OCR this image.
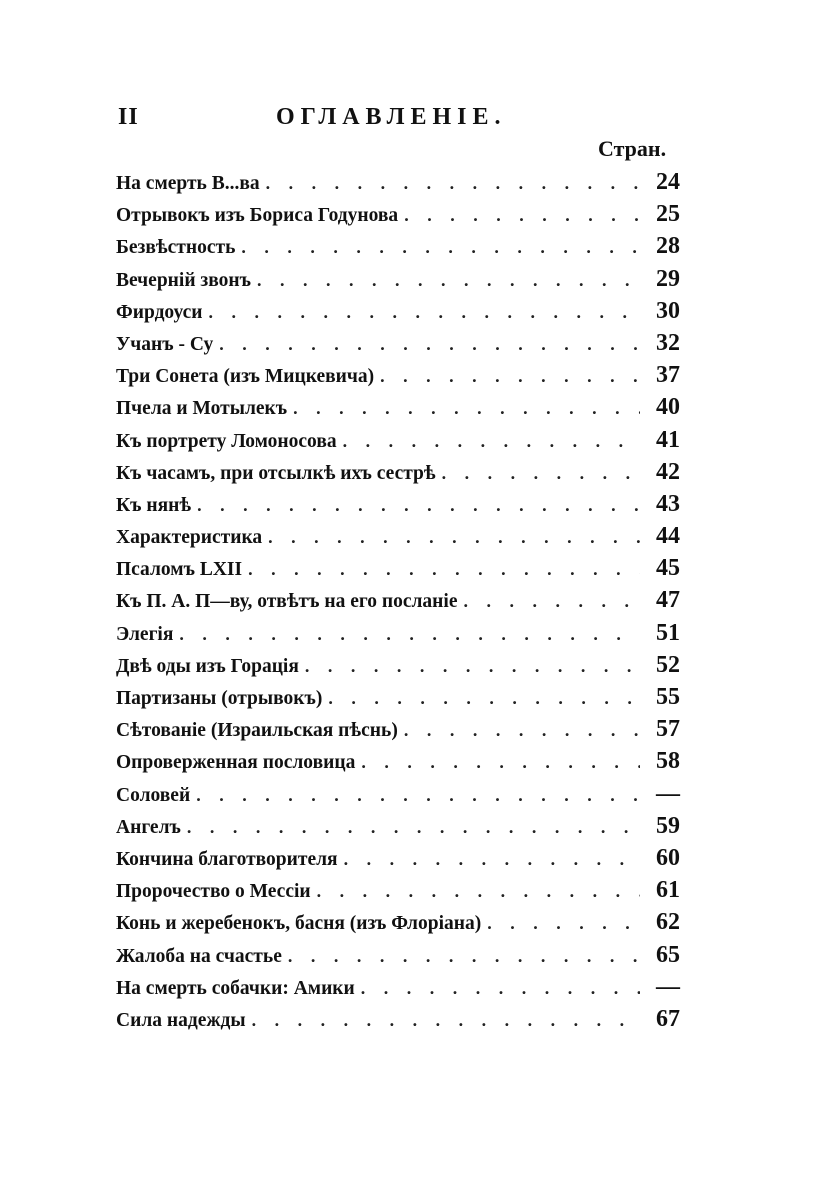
II	ОГЛАВЛЕНІЕ.
Стран.
На смерть В...ва . . .	24
Отрывокъ изъ Бориса Годунова . . .	25
Безвѣстность . . .	28
Вечерній звонъ . . .	29
Фирдоуси . . .	30
Учанъ - Су . . .	32
Три Сонета (изъ Мицкевича) . . .	37
Пчела и Мотылекъ . . .	40
Къ портрету Ломоносова . . .	41
Къ часамъ, при отсылкѣ ихъ сестрѣ . . .	42
Къ нянѣ . . .	43
Характеристика . . .	44
Псаломъ LXII . . .	45
Къ П. А. П—ву, отвѣтъ на его посланіе . . .	47
Элегія . . .	51
Двѣ оды изъ Горація . . .	52
Партизаны (отрывокъ) . . .	55
Сѣтованіе (Израильская пѣснь) . . .	57
Опроверженная пословица . . .	58
Соловей . . .	—
Ангелъ . . .	59
Кончина благотворителя . . .	60
Пророчество о Мессіи . . .	61
Конь и жеребенокъ, басня (изъ Флоріана) . . .	62
Жалоба на счастье . . .	65
На смерть собачки: Амики . . .	—
Сила надежды . . .	67
